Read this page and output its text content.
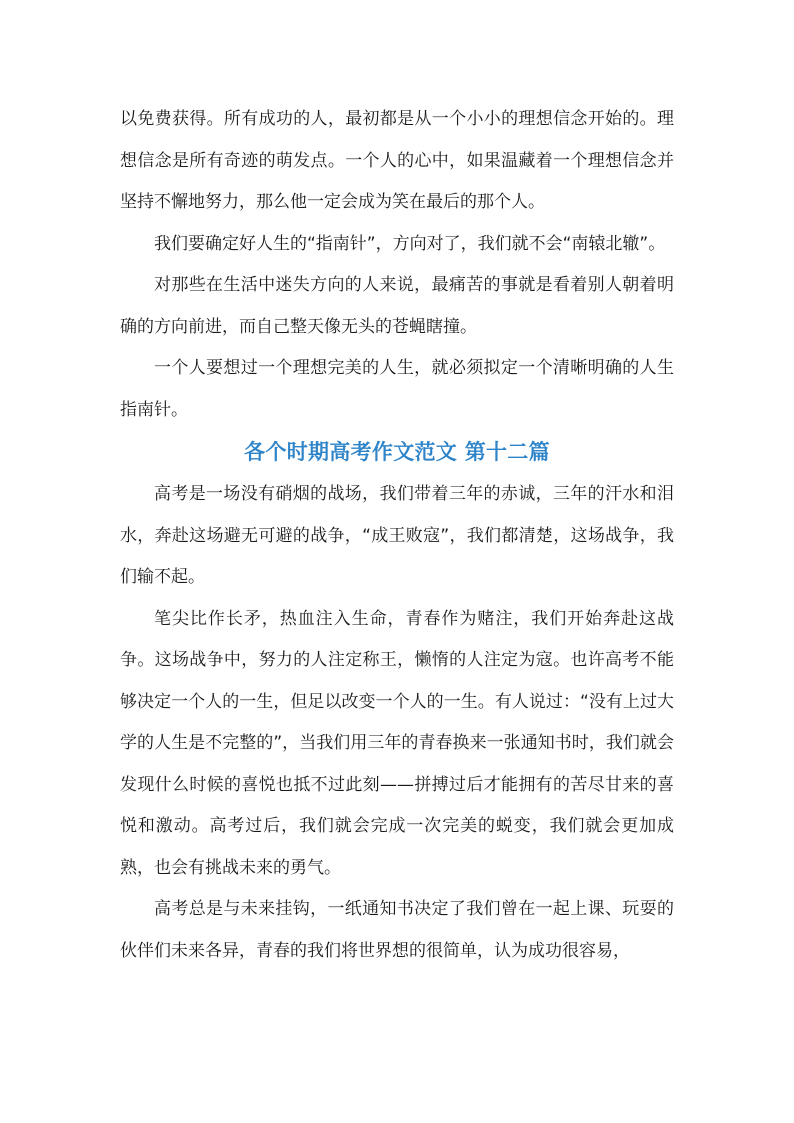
以免费获得。所有成功的人，最初都是从一个小小的理想信念开始的。理想信念是所有奇迹的萌发点。一个人的心中，如果温藏着一个理想信念并坚持不懈地努力，那么他一定会成为笑在最后的那个人。

我们要确定好人生的“指南针”，方向对了，我们就不会“南辕北辙”。

对那些在生活中迷失方向的人来说，最痛苦的事就是看着别人朝着明确的方向前进，而自己整天像无头的苍蝇瞎撞。

一个人要想过一个理想完美的人生，就必须拟定一个清晰明确的人生指南针。

各个时期高考作文范文 第十二篇

高考是一场没有硝烟的战场，我们带着三年的赤诚，三年的汗水和泪水，奔赴这场避无可避的战争，“成王败寇”，我们都清楚，这场战争，我们输不起。

笔尖比作长矛，热血注入生命，青春作为赌注，我们开始奔赴这战争。这场战争中，努力的人注定称王，懒惰的人注定为寇。也许高考不能够决定一个人的一生，但足以改变一个人的一生。有人说过：“没有上过大学的人生是不完整的”，当我们用三年的青春换来一张通知书时，我们就会发现什么时候的喜悦也抵不过此刻——拼搏过后才能拥有的苦尽甘来的喜悦和激动。高考过后，我们就会完成一次完美的蜕变，我们就会更加成熟，也会有挑战未来的勇气。

高考总是与未来挂钩，一纸通知书决定了我们曾在一起上课、玩耍的伙伴们未来各异，青春的我们将世界想的很简单，认为成功很容易，
